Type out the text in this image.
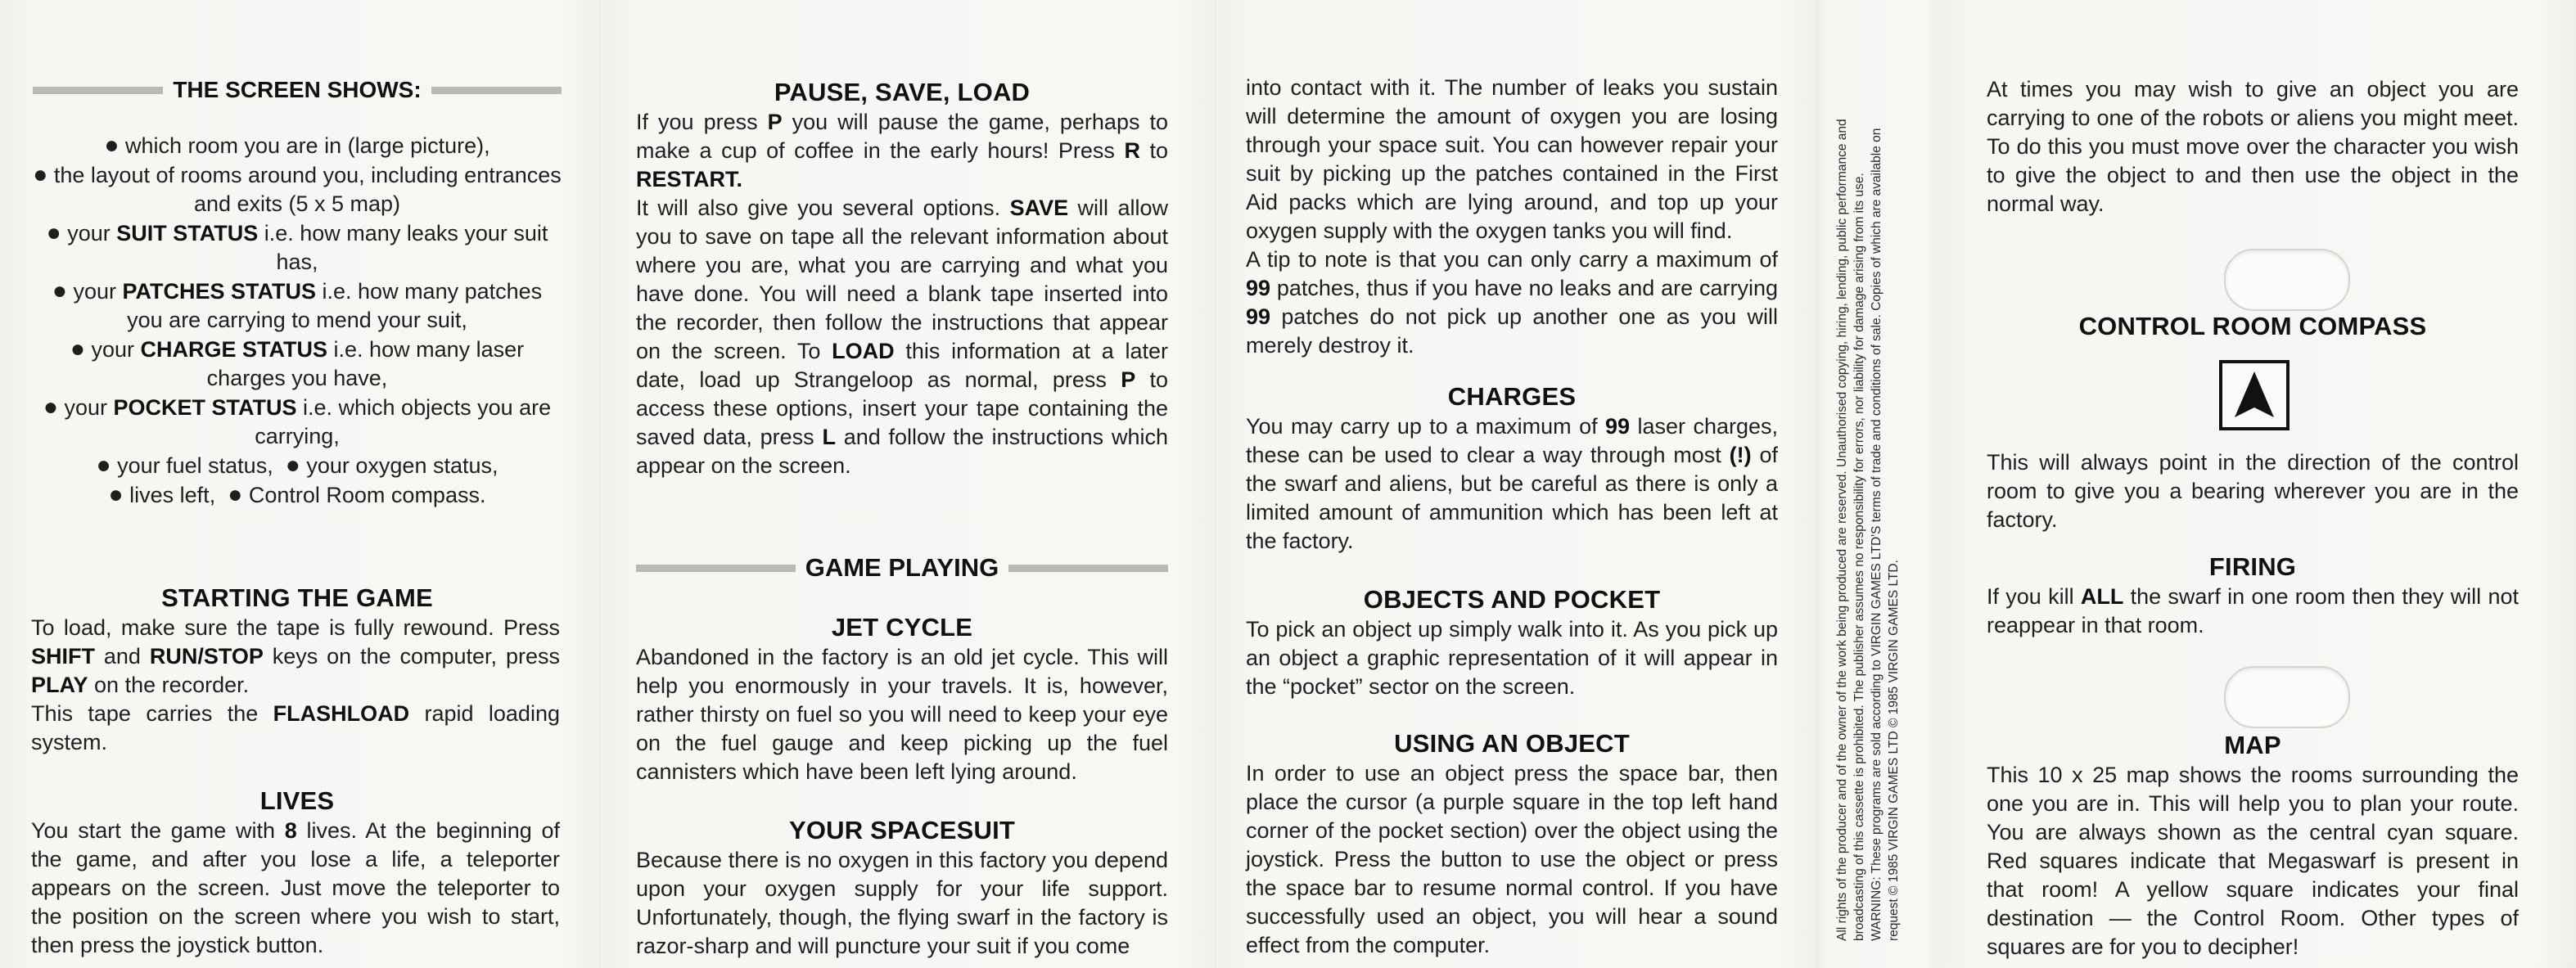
THE SCREEN SHOWS:
● which room you are in (large picture),
● the layout of rooms around you, including entrances and exits (5 x 5 map)
● your SUIT STATUS i.e. how many leaks your suit has,
● your PATCHES STATUS i.e. how many patches you are carrying to mend your suit,
● your CHARGE STATUS i.e. how many laser charges you have,
● your POCKET STATUS i.e. which objects you are carrying,
● your fuel status, ● your oxygen status,
● lives left, ● Control Room compass.
STARTING THE GAME
To load, make sure the tape is fully rewound. Press SHIFT and RUN/STOP keys on the computer, press PLAY on the recorder.
This tape carries the FLASHLOAD rapid loading system.
LIVES
You start the game with 8 lives. At the beginning of the game, and after you lose a life, a teleporter appears on the screen. Just move the teleporter to the position on the screen where you wish to start, then press the joystick button.
PAUSE, SAVE, LOAD
If you press P you will pause the game, perhaps to make a cup of coffee in the early hours! Press R to RESTART.
It will also give you several options. SAVE will allow you to save on tape all the relevant information about where you are, what you are carrying and what you have done. You will need a blank tape inserted into the recorder, then follow the instructions that appear on the screen. To LOAD this information at a later date, load up Strangeloop as normal, press P to access these options, insert your tape containing the saved data, press L and follow the instructions which appear on the screen.
GAME PLAYING
JET CYCLE

Abandoned in the factory is an old jet cycle. This will help you enormously in your travels. It is, however, rather thirsty on fuel so you will need to keep your eye on the fuel gauge and keep picking up the fuel cannisters which have been left lying around.

YOUR SPACESUIT

Because there is no oxygen in this factory you depend upon your oxygen supply for your life support. Unfortunately, though, the flying swarf in the factory is razor-sharp and will puncture your suit if you come

into contact with it. The number of leaks you sustain will determine the amount of oxygen you are losing through your space suit. You can however repair your suit by picking up the patches contained in the First Aid packs which are lying around, and top up your oxygen supply with the oxygen tanks you will find.
A tip to note is that you can only carry a maximum of 99 patches, thus if you have no leaks and are carrying 99 patches do not pick up another one as you will merely destroy it.
CHARGES
You may carry up to a maximum of 99 laser charges, these can be used to clear a way through most (!) of the swarf and aliens, but be careful as there is only a limited amount of ammunition which has been left at the factory.
OBJECTS AND POCKET

To pick an object up simply walk into it. As you pick up an object a graphic representation of it will appear in the “pocket” sector on the screen.

USING AN OBJECT

In order to use an object press the space bar, then place the cursor (a purple square in the top left hand corner of the pocket section) over the object using the joystick. Press the button to use the object or press the space bar to resume normal control. If you have successfully used an object, you will hear a sound effect from the computer.

All rights of the producer and of the owner of the work being produced are reserved. Unauthorised copying, hiring, lending, public performance and broadcasting of this cassette is prohibited. The publisher assumes no responsibility for errors, nor liability for damage arising from its use. WARNING: These programs are sold according to VIRGIN GAMES LTD'S terms of trade and conditions of sale. Copies of which are available on request © 1985 VIRGIN GAMES LTD © 1985 VIRGIN GAMES LTD.

At times you may wish to give an object you are carrying to one of the robots or aliens you might meet. To do this you must move over the character you wish to give the object to and then use the object in the normal way.

CONTROL ROOM COMPASS

This will always point in the direction of the control room to give you a bearing wherever you are in the factory.

FIRING
If you kill ALL the swarf in one room then they will not reappear in that room.
MAP

This 10 x 25 map shows the rooms surrounding the one you are in. This will help you to plan your route. You are always shown as the central cyan square. Red squares indicate that Megaswarf is present in that room! A yellow square indicates your final destination — the Control Room. Other types of squares are for you to decipher!
